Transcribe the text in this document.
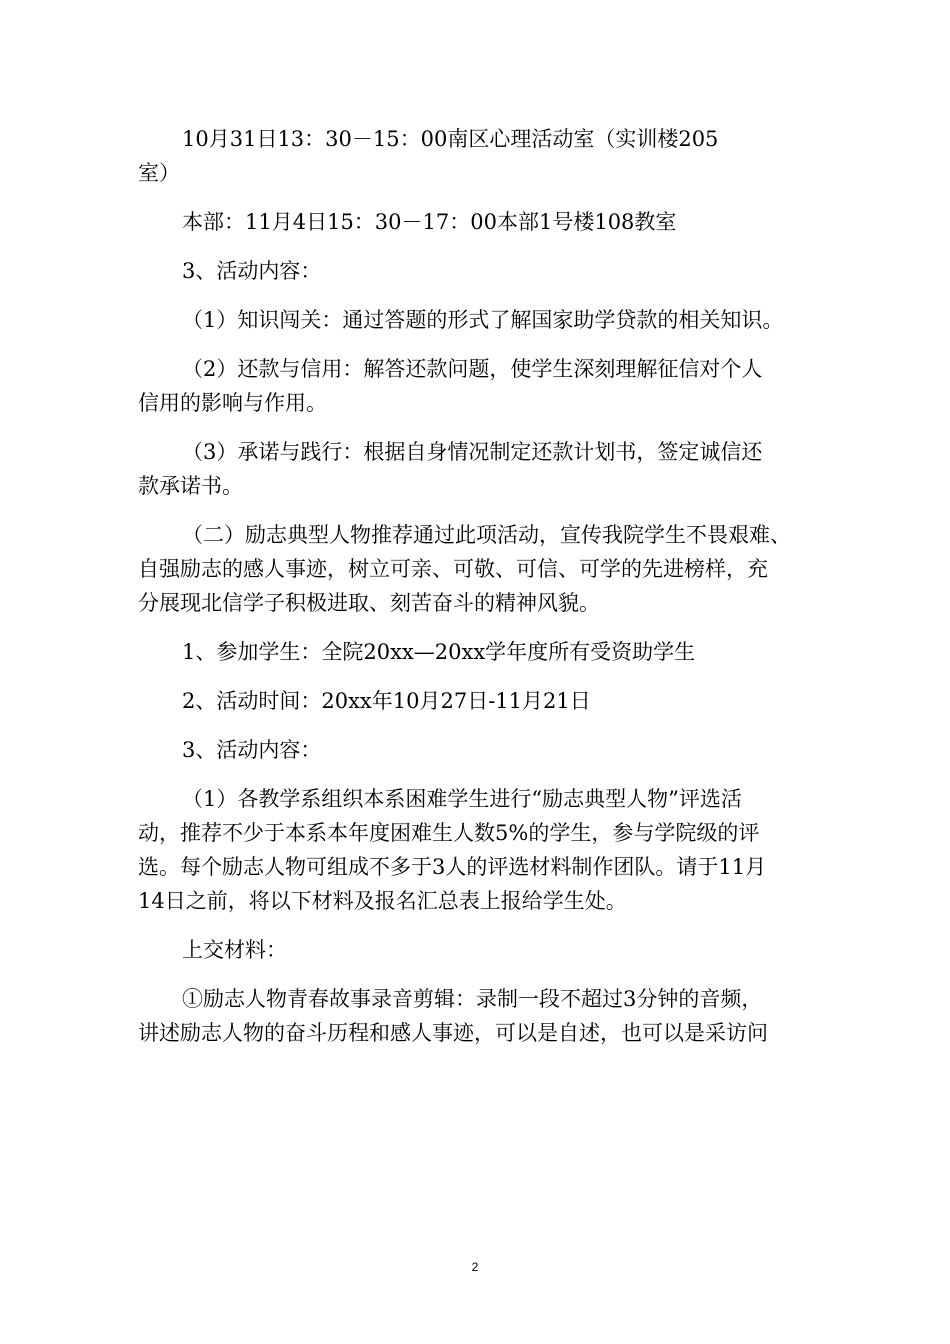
10月31日13：30－15：00南区心理活动室（实训楼205
室）
本部：11月4日15：30－17：00本部1号楼108教室
3、活动内容：
（1）知识闯关：通过答题的形式了解国家助学贷款的相关知识。
（2）还款与信用：解答还款问题，使学生深刻理解征信对个人
信用的影响与作用。
（3）承诺与践行：根据自身情况制定还款计划书，签定诚信还
款承诺书。
（二）励志典型人物推荐通过此项活动，宣传我院学生不畏艰难、
自强励志的感人事迹，树立可亲、可敬、可信、可学的先进榜样，充
分展现北信学子积极进取、刻苦奋斗的精神风貌。
1、参加学生：全院20xx—20xx学年度所有受资助学生
2、活动时间：20xx年10月27日-11月21日
3、活动内容：
（1）各教学系组织本系困难学生进行“励志典型人物”评选活
动，推荐不少于本系本年度困难生人数5%的学生，参与学院级的评
选。每个励志人物可组成不多于3人的评选材料制作团队。请于11月
14日之前，将以下材料及报名汇总表上报给学生处。
上交材料：
①励志人物青春故事录音剪辑：录制一段不超过3分钟的音频，
讲述励志人物的奋斗历程和感人事迹，可以是自述，也可以是采访问
2
